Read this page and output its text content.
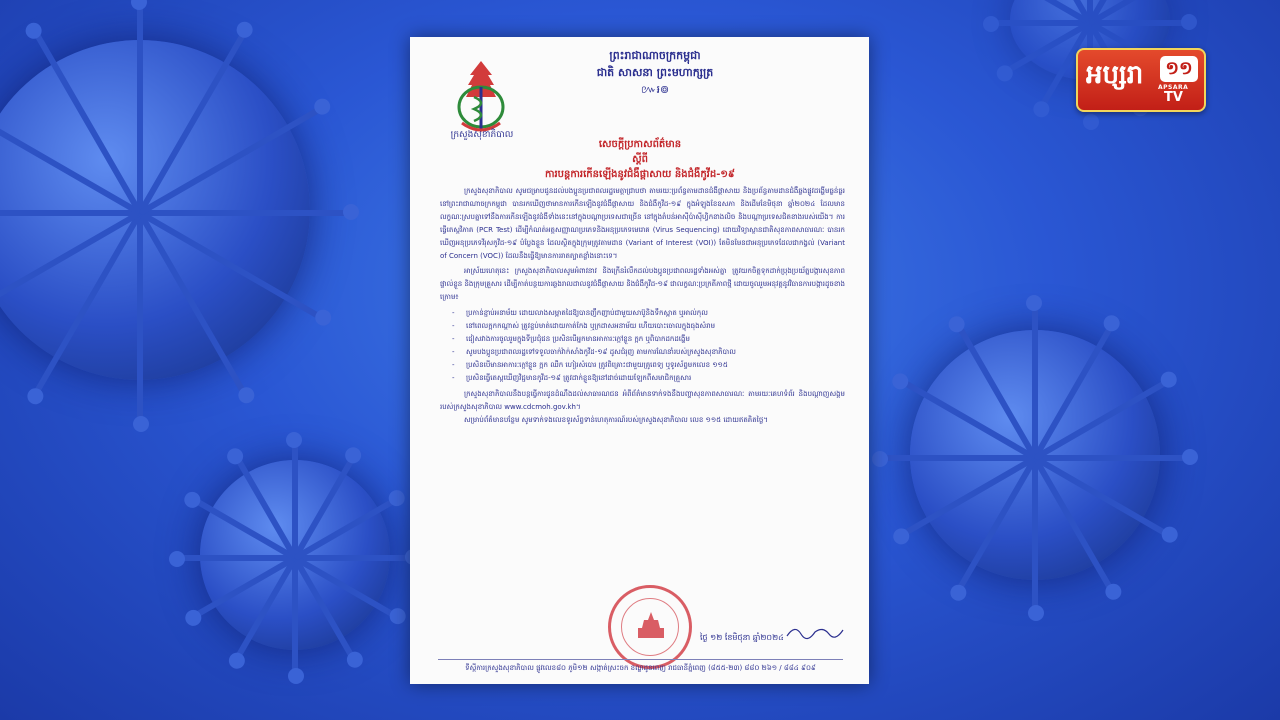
ក្រសួងសុខាភិបាល
ព្រះរាជាណាចក្រកម្ពុជា
ជាតិ សាសនា ព្រះមហាក្សត្រ
៚៛៙
សេចក្ដីប្រកាសព័ត៌មាន
ស្ដីពី
ការបន្តការកើនឡើងនូវជំងឺផ្តាសាយ និងជំងឺកូវីដ-១៩
ក្រសួងសុខាភិបាល សូមជម្រាបជូនដល់បងប្អូនប្រជាពលរដ្ឋមេត្តាជ្រាបថា តាមរយៈប្រព័ន្ធតាមដានជំងឺផ្តាសាយ និងប្រព័ន្ធតាមដានជំងឺឆ្លងផ្លូវដង្ហើមធ្ងន់ធ្ងរ នៅព្រះរាជាណាចក្រកម្ពុជា បានរកឃើញថាមានការកើនឡើងនូវជំងឺផ្តាសាយ និងជំងឺកូវីដ-១៩ ក្នុងអំឡុងខែឧសភា និងដើមខែមិថុនា ឆ្នាំ២០២៤ ដែលមានលក្ខណៈស្របគ្នាទៅនឹងការកើនឡើងនូវជំងឺទាំងនេះនៅក្នុងបណ្ដាប្រទេសជាច្រើន នៅក្នុងតំបន់អាស៊ីប៉ាស៊ីហ្វិកខាងលិច និងបណ្ដាប្រទេសជិតខាងរបស់យើង។ ការធ្វើតេស្តវិភាគ (PCR Test) ដើម្បីកំណត់អត្តសញ្ញាណប្រភេទនិងអនុប្រភេទមេរោគ (Virus Sequencing) ដោយវិទ្យាស្ថានជាតិសុខភាពសាធារណៈ បានរកឃើញអនុប្រភេទវីរុសកូវីដ-១៩ បំប្លែងខ្លួន ដែលស្ថិតក្នុងក្រុមត្រូវតាមដាន (Variant of Interest (VOI)) តែមិនមែនជាអនុប្រភេទដែលជាកង្វល់ (Variant of Concern (VOC)) ដែលនឹងធ្វើឱ្យមានការរាតត្បាតខ្លាំងនោះទេ។
អាស្រ័យហេតុនេះ ក្រសួងសុខាភិបាលសូមអំពាវនាវ និងក្រើនរំលឹកដល់បងប្អូនប្រជាពលរដ្ឋទាំងអស់គ្នា ត្រូវយកចិត្តទុកដាក់ប្រុងប្រយ័ត្នបង្ការសុខភាពផ្ទាល់ខ្លួន និងក្រុមគ្រួសារ ដើម្បីកាត់បន្ថយការឆ្លងរាលដាលនូវជំងឺផ្តាសាយ និងជំងឺកូវីដ-១៩ ជាលក្ខណៈប្រក្រតីភាពថ្មី ដោយចូលរួមអនុវត្តនូវវិធានការបង្ការដូចខាងក្រោម៖
- ប្រកាន់ខ្ជាប់អនាម័យ ដោយលាងសម្អាតដៃឱ្យបានញឹកញាប់ជាមួយសាប៊ូនិងទឹកស្អាត ឬអាល់កុល
- នៅពេលក្អកកណ្ដាស់ ត្រូវខ្ទប់មាត់ដោយកាត់កែង ឬក្រដាសអនាម័យ ហើយបោះចោលក្នុងធុងសំរាម
- ជៀសវាងការចូលរួមក្នុងទីប្រជុំជន ប្រសិនបើអ្នកមានអាការៈក្ដៅខ្លួន ក្អក ឬពិបាកដកដង្ហើម
- សូមបងប្អូនប្រជាពលរដ្ឋទៅទទួលចាក់វ៉ាក់សាំងកូវីដ-១៩ ដូសជំរុញ តាមការណែនាំរបស់ក្រសួងសុខាភិបាល
- ប្រសិនបើមានអាការៈក្ដៅខ្លួន ក្អក ឈឺក ហៀរសំបោរ ត្រូវពិគ្រោះជាមួយគ្រូពេទ្យ ឬទូរស័ព្ទមកលេខ ១១៥
- ប្រសិនធ្វើតេស្តឃើញវិជ្ជមានកូវីដ-១៩ ត្រូវដាក់ខ្លួនឱ្យនៅដាច់ដោយឡែកពីសមាជិកគ្រួសារ
ក្រសួងសុខាភិបាលនឹងបន្តធ្វើការជូនដំណឹងដល់សាធារណជន អំពីព័ត៌មានទាក់ទងនឹងបញ្ហាសុខភាពសាធារណៈ តាមរយៈគេហទំព័រ និងបណ្ដាញសង្គមរបស់ក្រសួងសុខាភិបាល www.cdcmoh.gov.kh។
សម្រាប់ព័ត៌មានបន្ថែម សូមទាក់ទងលេខទូរស័ព្ទទាន់ហេតុការណ៍របស់ក្រសួងសុខាភិបាល លេខ ១១៥ ដោយឥតគិតថ្លៃ។
ថ្ងៃ ១២ ខែមិថុនា ឆ្នាំ២០២៤
ទីស្ដីការក្រសួងសុខាភិបាល ផ្លូវលេខ៨០ ភូមិ១២ សង្កាត់ស្រះចក ខណ្ឌដូនពេញ រាជធានីភ្នំពេញ (៨៥៥-២៣) ៨៨០ ២៦១ / ៨៨៤ ៩០៩
អប្សរា ១១
APSARA
TV
